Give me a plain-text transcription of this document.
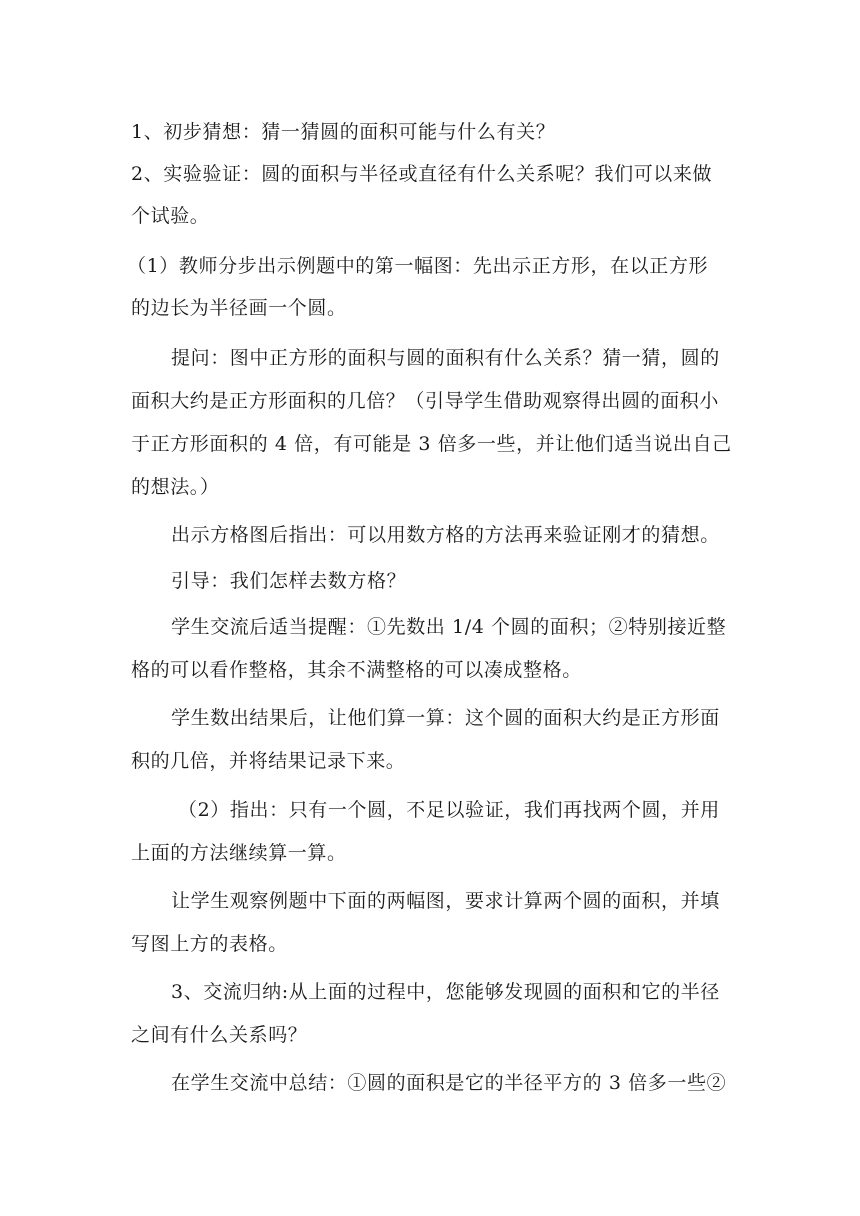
1、初步猜想：猜一猜圆的面积可能与什么有关？
2、实验验证：圆的面积与半径或直径有什么关系呢？我们可以来做
个试验。
（1）教师分步出示例题中的第一幅图：先出示正方形，在以正方形
的边长为半径画一个圆。
提问：图中正方形的面积与圆的面积有什么关系？猜一猜，圆的
面积大约是正方形面积的几倍？（引导学生借助观察得出圆的面积小
于正方形面积的 4 倍，有可能是 3 倍多一些，并让他们适当说出自己
的想法。）
出示方格图后指出：可以用数方格的方法再来验证刚才的猜想。
引导：我们怎样去数方格？
学生交流后适当提醒：①先数出 1/4 个圆的面积；②特别接近整
格的可以看作整格，其余不满整格的可以凑成整格。
学生数出结果后，让他们算一算：这个圆的面积大约是正方形面
积的几倍，并将结果记录下来。
（2）指出：只有一个圆，不足以验证，我们再找两个圆，并用
上面的方法继续算一算。
让学生观察例题中下面的两幅图，要求计算两个圆的面积，并填
写图上方的表格。
3、交流归纳:从上面的过程中，您能够发现圆的面积和它的半径
之间有什么关系吗？
在学生交流中总结：①圆的面积是它的半径平方的 3 倍多一些②
